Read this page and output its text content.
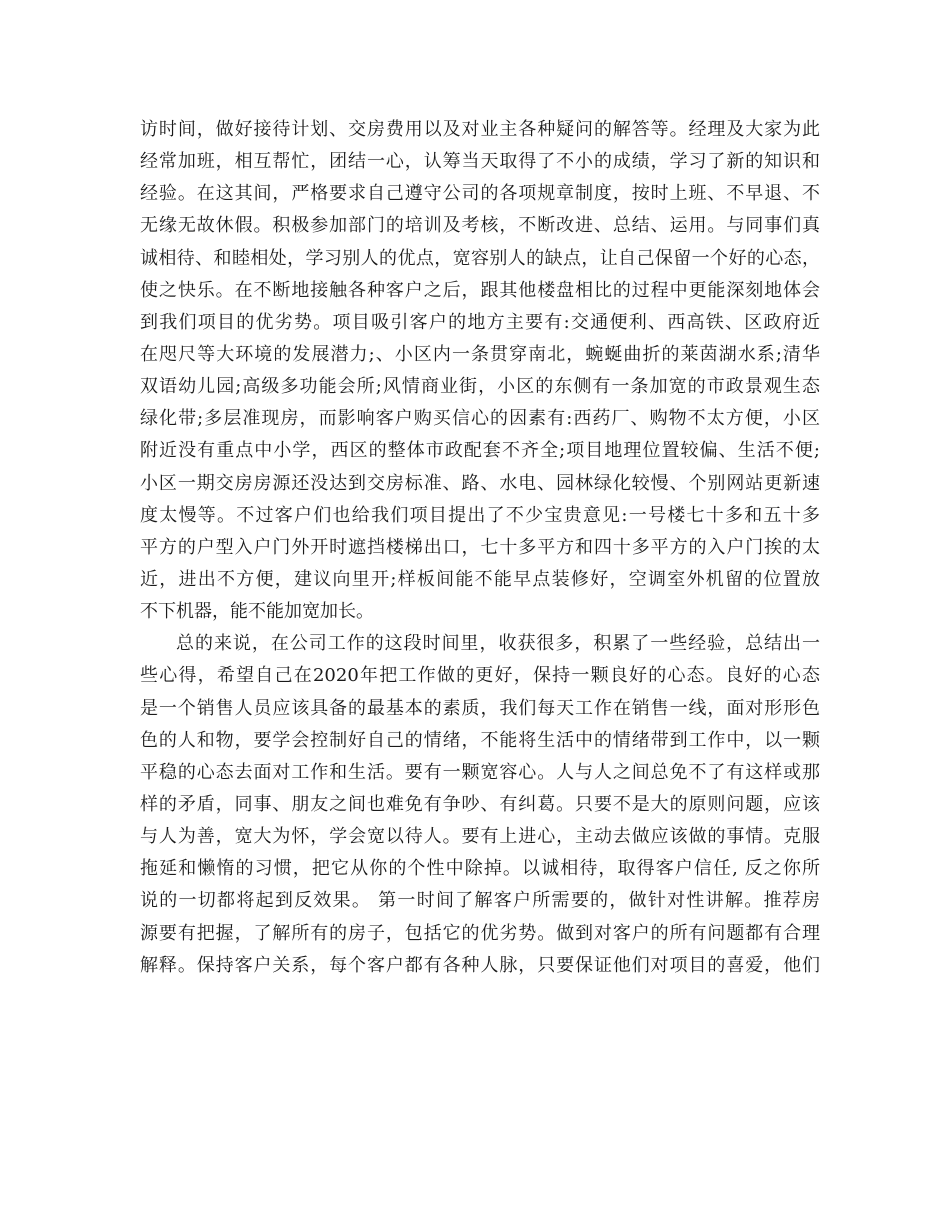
访时间，做好接待计划、交房费用以及对业主各种疑问的解答等。经理及大家为此
经常加班，相互帮忙，团结一心，认筹当天取得了不小的成绩，学习了新的知识和
经验。在这其间，严格要求自己遵守公司的各项规章制度，按时上班、不早退、不
无缘无故休假。积极参加部门的培训及考核，不断改进、总结、运用。与同事们真
诚相待、和睦相处，学习别人的优点，宽容别人的缺点，让自己保留一个好的心态，
使之快乐。在不断地接触各种客户之后，跟其他楼盘相比的过程中更能深刻地体会
到我们项目的优劣势。项目吸引客户的地方主要有:交通便利、西高铁、区政府近
在咫尺等大环境的发展潜力;、小区内一条贯穿南北，蜿蜒曲折的莱茵湖水系;清华
双语幼儿园;高级多功能会所;风情商业街，小区的东侧有一条加宽的市政景观生态
绿化带;多层准现房，而影响客户购买信心的因素有:西药厂、购物不太方便，小区
附近没有重点中小学，西区的整体市政配套不齐全;项目地理位置较偏、生活不便;
小区一期交房房源还没达到交房标准、路、水电、园林绿化较慢、个别网站更新速
度太慢等。不过客户们也给我们项目提出了不少宝贵意见:一号楼七十多和五十多
平方的户型入户门外开时遮挡楼梯出口，七十多平方和四十多平方的入户门挨的太
近，进出不方便，建议向里开;样板间能不能早点装修好，空调室外机留的位置放
不下机器，能不能加宽加长。
总的来说，在公司工作的这段时间里，收获很多，积累了一些经验，总结出一
些心得，希望自己在2020年把工作做的更好，保持一颗良好的心态。良好的心态
是一个销售人员应该具备的最基本的素质，我们每天工作在销售一线，面对形形色
色的人和物，要学会控制好自己的情绪，不能将生活中的情绪带到工作中，以一颗
平稳的心态去面对工作和生活。要有一颗宽容心。人与人之间总免不了有这样或那
样的矛盾，同事、朋友之间也难免有争吵、有纠葛。只要不是大的原则问题，应该
与人为善，宽大为怀，学会宽以待人。要有上进心，主动去做应该做的事情。克服
拖延和懒惰的习惯，把它从你的个性中除掉。以诚相待，取得客户信任, 反之你所
说的一切都将起到反效果。 第一时间了解客户所需要的，做针对性讲解。推荐房
源要有把握，了解所有的房子，包括它的优劣势。做到对客户的所有问题都有合理
解释。保持客户关系，每个客户都有各种人脉，只要保证他们对项目的喜爱，他们
